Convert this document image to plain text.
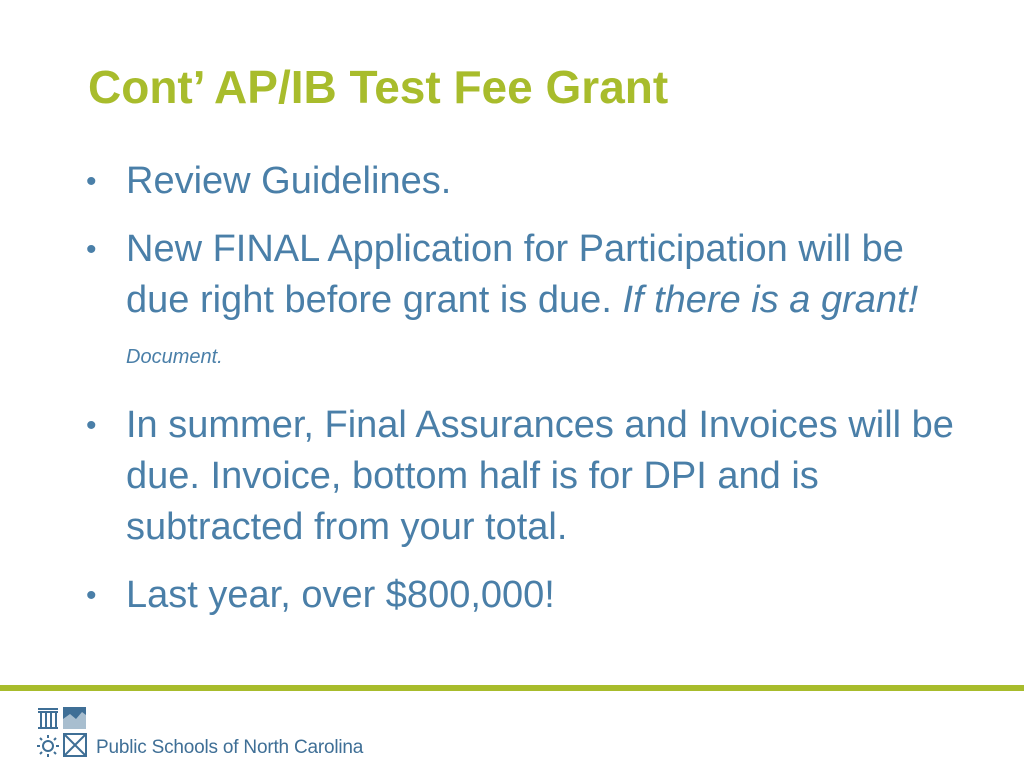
Cont’ AP/IB Test Fee Grant
• Review Guidelines.
• New FINAL Application for Participation will be due right before grant is due. If there is a grant! Document.
• In summer, Final Assurances and Invoices will be due. Invoice, bottom half is for DPI and is subtracted from your total.
• Last year, over $800,000!
Public Schools of North Carolina
